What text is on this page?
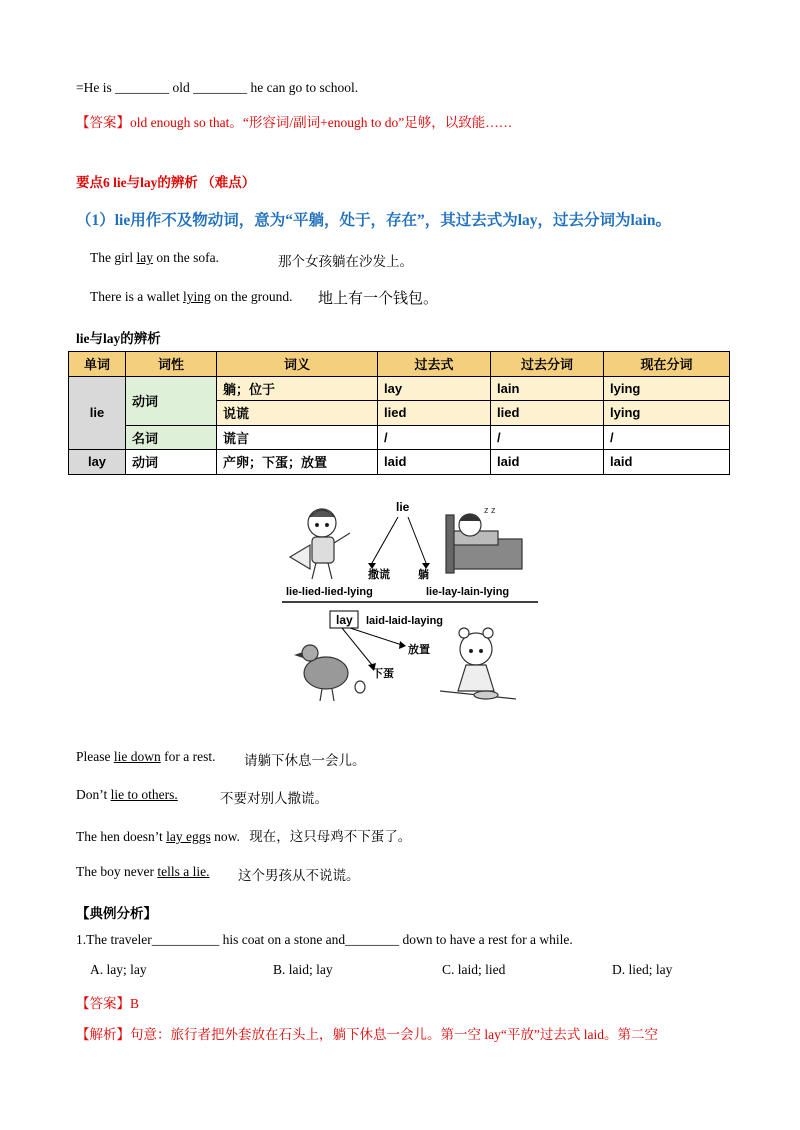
=He is ________ old ________ he can go to school.
【答案】old enough so that。“形容词/副词+enough to do”足够，以致能……
要点6 lie与lay的辨析 （难点）
（1）lie用作不及物动词，意为“平躺，处于，存在”，其过去式为lay，过去分词为lain。
The girl lay on the sofa.	那个女孩躺在沙发上。
There is a wallet lying on the ground. 地上有一个钱包。
lie与lay的辨析
单词	词性	词义	过去式	过去分词	现在分词
lie	动词	躺；位于	lay	lain	lying
		说谎	lied	lied	lying
	名词	谎言	/	/	/
lay	动词	产卵；下蛋；放置	laid	laid	laid
lie
撒谎	躺
lie-lied-lied-lying
z z
lie-lay-lain-lying
lay laid-laid-laying
放置
下蛋
Please lie down for a rest. 请躺下休息一会儿。
Don’t lie to others.	不要对别人撒谎。
The hen doesn’t lay eggs now. 现在，这只母鸡不下蛋了。
The boy never tells a lie. 这个男孩从不说谎。
【典例分析】
1.The traveler__________ his coat on a stone and________ down to have a rest for a while.
A. lay; lay	B. laid; lay	C. laid; lied	D. lied; lay
【答案】B
【解析】句意：旅行者把外套放在石头上，躺下休息一会儿。第一空 lay“平放”过去式 laid。第二空
